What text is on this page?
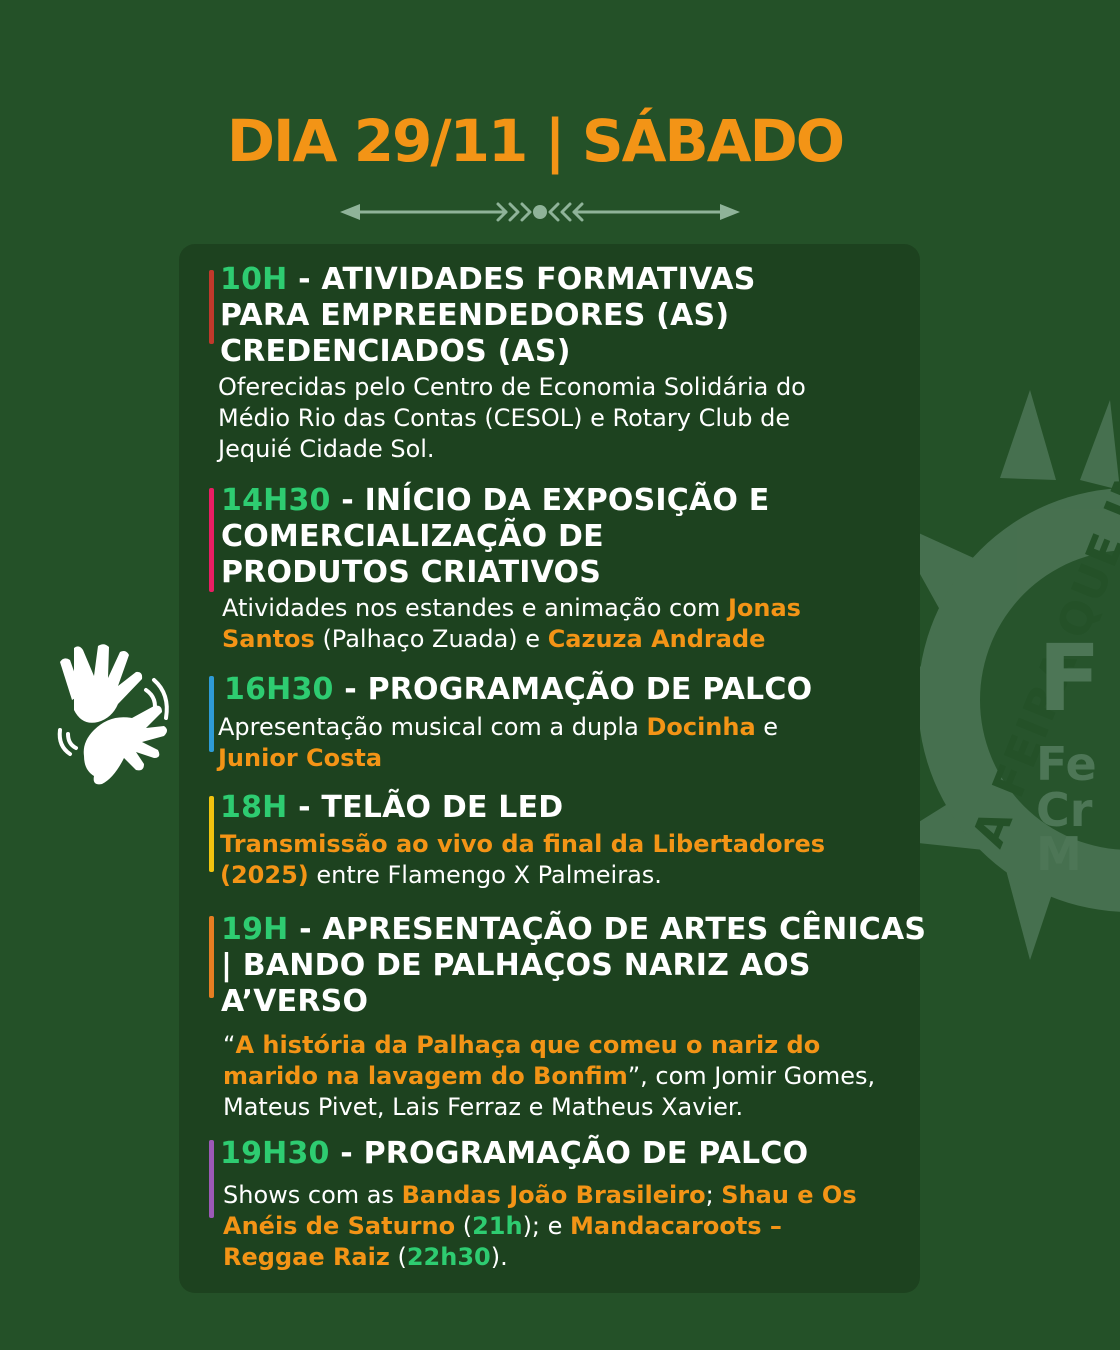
DIA 29/11 | SÁBADO
A FEIRA QUE
F
Fe
Cr
M
10H - ATIVIDADES FORMATIVAS
PARA EMPREENDEDORES (AS)
CREDENCIADOS (AS)
Oferecidas pelo Centro de Economia Solidária do
Médio Rio das Contas (CESOL) e Rotary Club de
Jequié Cidade Sol.
14H30 - INÍCIO DA EXPOSIÇÃO E
COMERCIALIZAÇÃO DE
PRODUTOS CRIATIVOS
Atividades nos estandes e animação com Jonas
Santos (Palhaço Zuada) e Cazuza Andrade
16H30 - PROGRAMAÇÃO DE PALCO
Apresentação musical com a dupla Docinha e
Junior Costa
18H - TELÃO DE LED
Transmissão ao vivo da final da Libertadores
(2025) entre Flamengo X Palmeiras.
19H - APRESENTAÇÃO DE ARTES CÊNICAS
| BANDO DE PALHAÇOS NARIZ AOS
A’VERSO
“A história da Palhaça que comeu o nariz do
marido na lavagem do Bonfim”, com Jomir Gomes,
Mateus Pivet, Lais Ferraz e Matheus Xavier.
19H30 - PROGRAMAÇÃO DE PALCO
Shows com as Bandas João Brasileiro; Shau e Os
Anéis de Saturno (21h); e Mandacaroots –
Reggae Raiz (22h30).
